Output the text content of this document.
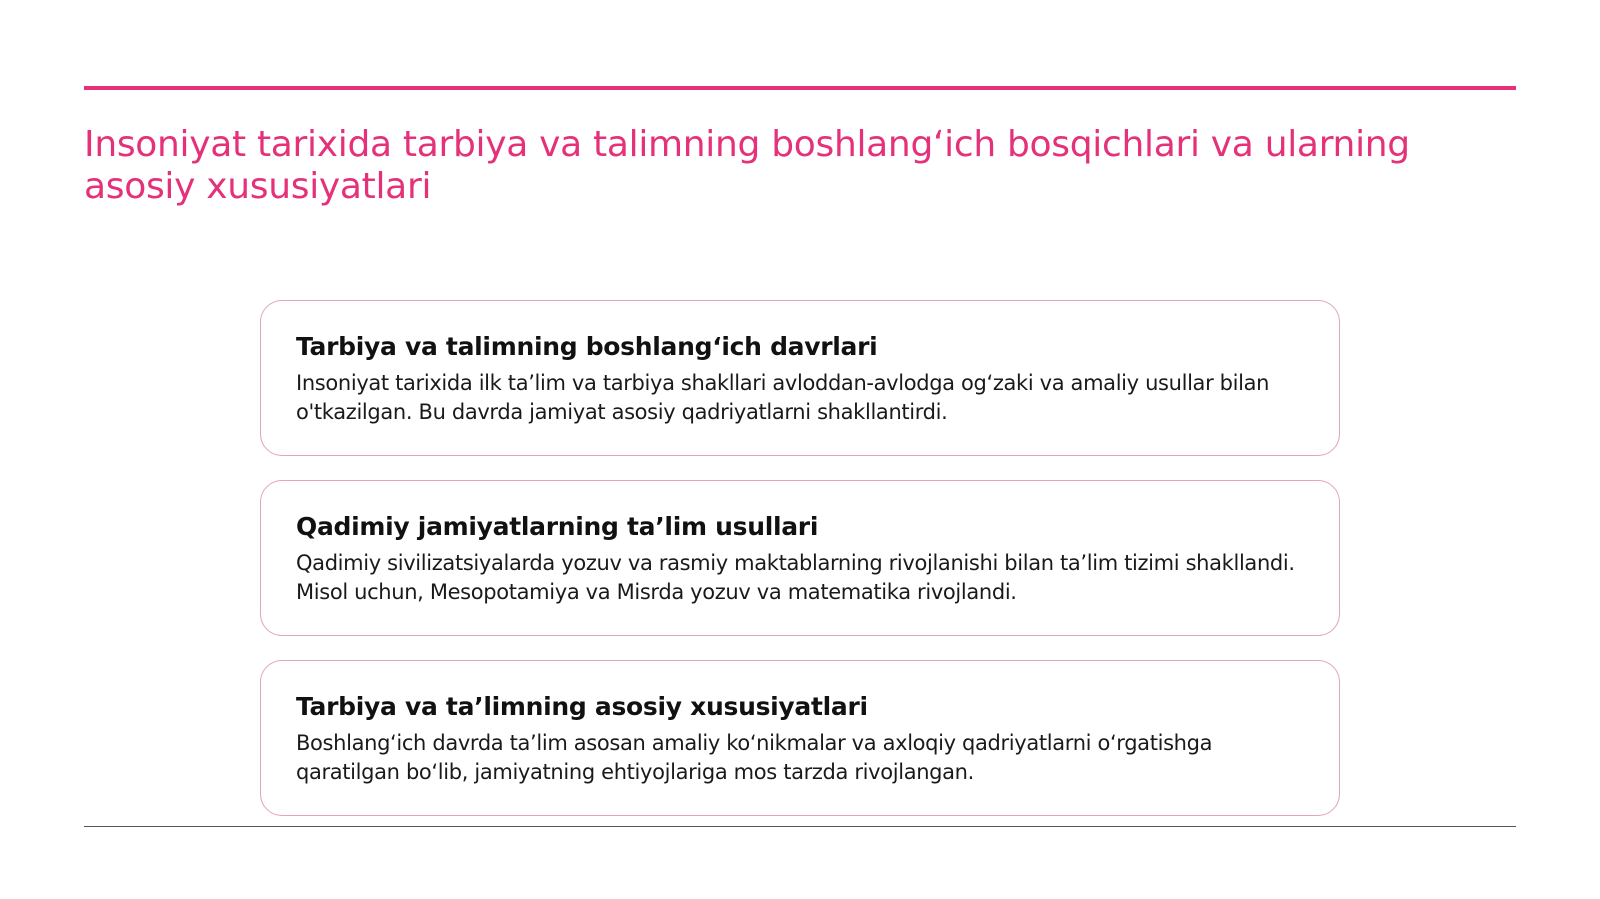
Insoniyat tarixida tarbiya va talimning boshlang‘ich bosqichlari va ularning asosiy xususiyatlari
Tarbiya va talimning boshlang‘ich davrlari

Insoniyat tarixida ilk ta’lim va tarbiya shakllari avloddan-avlodga og‘zaki va amaliy usullar bilan o'tkazilgan. Bu davrda jamiyat asosiy qadriyatlarni shakllantirdi.

Qadimiy jamiyatlarning ta’lim usullari

Qadimiy sivilizatsiyalarda yozuv va rasmiy maktablarning rivojlanishi bilan ta’lim tizimi shakllandi. Misol uchun, Mesopotamiya va Misrda yozuv va matematika rivojlandi.

Tarbiya va ta’limning asosiy xususiyatlari

Boshlang‘ich davrda ta’lim asosan amaliy ko‘nikmalar va axloqiy qadriyatlarni o‘rgatishga qaratilgan bo‘lib, jamiyatning ehtiyojlariga mos tarzda rivojlangan.
